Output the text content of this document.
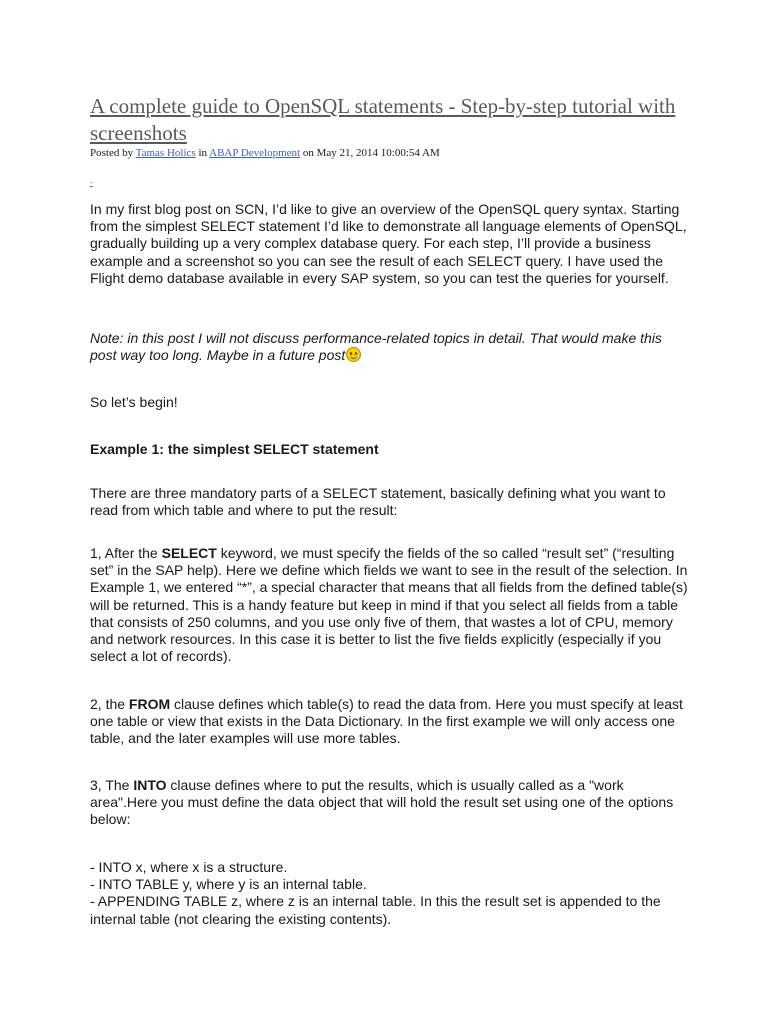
A complete guide to OpenSQL statements - Step-by-step tutorial with screenshots
Posted by Tamas Holics in ABAP Development on May 21, 2014 10:00:54 AM
-

In my first blog post on SCN, I’d like to give an overview of the OpenSQL query syntax. Starting from the simplest SELECT statement I’d like to demonstrate all language elements of OpenSQL, gradually building up a very complex database query. For each step, I’ll provide a business example and a screenshot so you can see the result of each SELECT query. I have used the Flight demo database available in every SAP system, so you can test the queries for yourself.

Note: in this post I will not discuss performance-related topics in detail. That would make this post way too long. Maybe in a future post

So let’s begin!

Example 1: the simplest SELECT statement

There are three mandatory parts of a SELECT statement, basically defining what you want to read from which table and where to put the result:

1, After the SELECT keyword, we must specify the fields of the so called “result set” (“resulting set” in the SAP help). Here we define which fields we want to see in the result of the selection. In Example 1, we entered “*”, a special character that means that all fields from the defined table(s) will be returned. This is a handy feature but keep in mind if that you select all fields from a table that consists of 250 columns, and you use only five of them, that wastes a lot of CPU, memory and network resources. In this case it is better to list the five fields explicitly (especially if you select a lot of records).

2, the FROM clause defines which table(s) to read the data from. Here you must specify at least one table or view that exists in the Data Dictionary. In the first example we will only access one table, and the later examples will use more tables.

3, The INTO clause defines where to put the results, which is usually called as a "work area".Here you must define the data object that will hold the result set using one of the options below:

- INTO x, where x is a structure.
- INTO TABLE y, where y is an internal table.
- APPENDING TABLE z, where z is an internal table. In this the result set is appended to the internal table (not clearing the existing contents).
